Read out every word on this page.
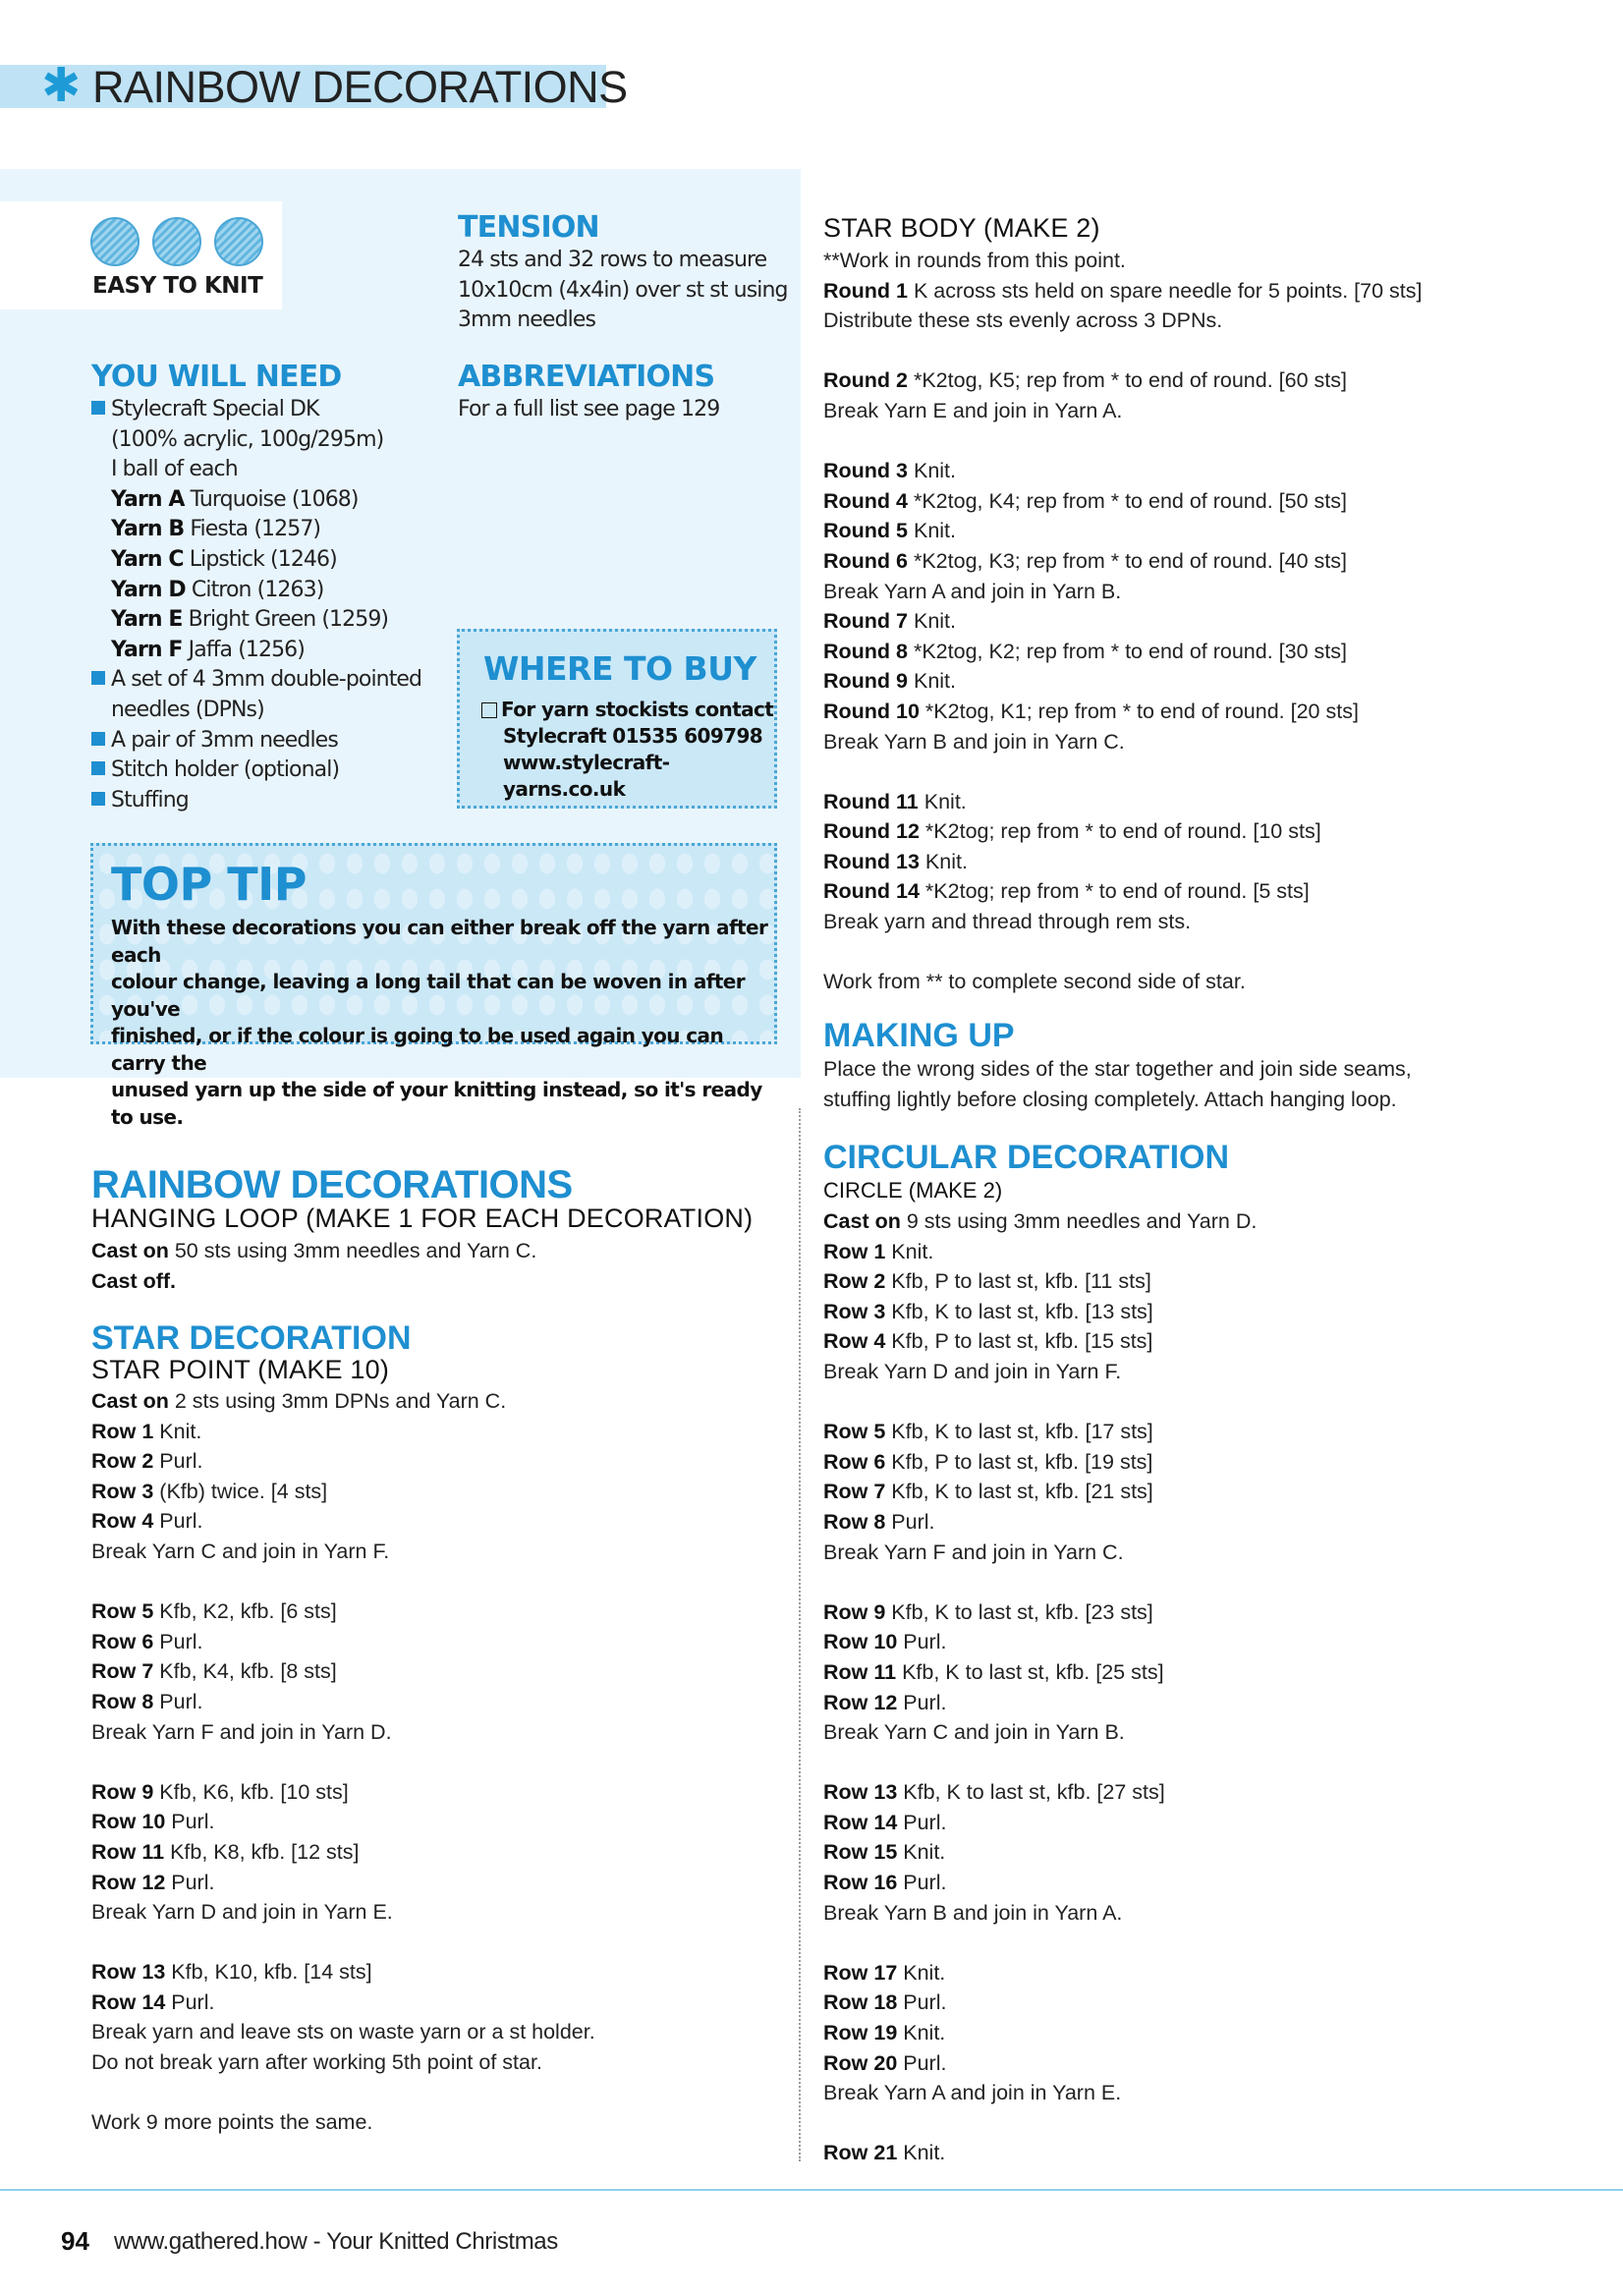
✱ RAINBOW DECORATIONS
EASY TO KNIT
YOU WILL NEED
Stylecraft Special DK
(100% acrylic, 100g/295m)
I ball of each
Yarn A Turquoise (1068)
Yarn B Fiesta (1257)
Yarn C Lipstick (1246)
Yarn D Citron (1263)
Yarn E Bright Green (1259)
Yarn F Jaffa (1256)
A set of 4 3mm double-pointed
needles (DPNs)
A pair of 3mm needles
Stitch holder (optional)
Stuffing
TENSION
24 sts and 32 rows to measure
10x10cm (4x4in) over st st using
3mm needles
ABBREVIATIONS
For a full list see page 129
WHERE TO BUY
For yarn stockists contact
Stylecraft 01535 609798
www.stylecraft-yarns.co.uk
TOP TIP
With these decorations you can either break off the yarn after each
colour change, leaving a long tail that can be woven in after you've
finished, or if the colour is going to be used again you can carry the
unused yarn up the side of your knitting instead, so it's ready to use.
RAINBOW DECORATIONS
HANGING LOOP (MAKE 1 FOR EACH DECORATION)
Cast on 50 sts using 3mm needles and Yarn C.
Cast off.
STAR DECORATION
STAR POINT (MAKE 10)
Cast on 2 sts using 3mm DPNs and Yarn C.
Row 1 Knit.
Row 2 Purl.
Row 3 (Kfb) twice. [4 sts]
Row 4 Purl.
Break Yarn C and join in Yarn F.
Row 5 Kfb, K2, kfb. [6 sts]
Row 6 Purl.
Row 7 Kfb, K4, kfb. [8 sts]
Row 8 Purl.
Break Yarn F and join in Yarn D.
Row 9 Kfb, K6, kfb. [10 sts]
Row 10 Purl.
Row 11 Kfb, K8, kfb. [12 sts]
Row 12 Purl.
Break Yarn D and join in Yarn E.
Row 13 Kfb, K10, kfb. [14 sts]
Row 14 Purl.
Break yarn and leave sts on waste yarn or a st holder.
Do not break yarn after working 5th point of star.
Work 9 more points the same.
STAR BODY (MAKE 2)
**Work in rounds from this point.
Round 1 K across sts held on spare needle for 5 points. [70 sts]
Distribute these sts evenly across 3 DPNs.
Round 2 *K2tog, K5; rep from * to end of round. [60 sts]
Break Yarn E and join in Yarn A.
Round 3 Knit.
Round 4 *K2tog, K4; rep from * to end of round. [50 sts]
Round 5 Knit.
Round 6 *K2tog, K3; rep from * to end of round. [40 sts]
Break Yarn A and join in Yarn B.
Round 7 Knit.
Round 8 *K2tog, K2; rep from * to end of round. [30 sts]
Round 9 Knit.
Round 10 *K2tog, K1; rep from * to end of round. [20 sts]
Break Yarn B and join in Yarn C.
Round 11 Knit.
Round 12 *K2tog; rep from * to end of round. [10 sts]
Round 13 Knit.
Round 14 *K2tog; rep from * to end of round. [5 sts]
Break yarn and thread through rem sts.
Work from ** to complete second side of star.
MAKING UP
Place the wrong sides of the star together and join side seams,
stuffing lightly before closing completely. Attach hanging loop.
CIRCULAR DECORATION
CIRCLE (MAKE 2)
Cast on 9 sts using 3mm needles and Yarn D.
Row 1 Knit.
Row 2 Kfb, P to last st, kfb. [11 sts]
Row 3 Kfb, K to last st, kfb. [13 sts]
Row 4 Kfb, P to last st, kfb. [15 sts]
Break Yarn D and join in Yarn F.
Row 5 Kfb, K to last st, kfb. [17 sts]
Row 6 Kfb, P to last st, kfb. [19 sts]
Row 7 Kfb, K to last st, kfb. [21 sts]
Row 8 Purl.
Break Yarn F and join in Yarn C.
Row 9 Kfb, K to last st, kfb. [23 sts]
Row 10 Purl.
Row 11 Kfb, K to last st, kfb. [25 sts]
Row 12 Purl.
Break Yarn C and join in Yarn B.
Row 13 Kfb, K to last st, kfb. [27 sts]
Row 14 Purl.
Row 15 Knit.
Row 16 Purl.
Break Yarn B and join in Yarn A.
Row 17 Knit.
Row 18 Purl.
Row 19 Knit.
Row 20 Purl.
Break Yarn A and join in Yarn E.
Row 21 Knit.
94 www.gathered.how - Your Knitted Christmas
